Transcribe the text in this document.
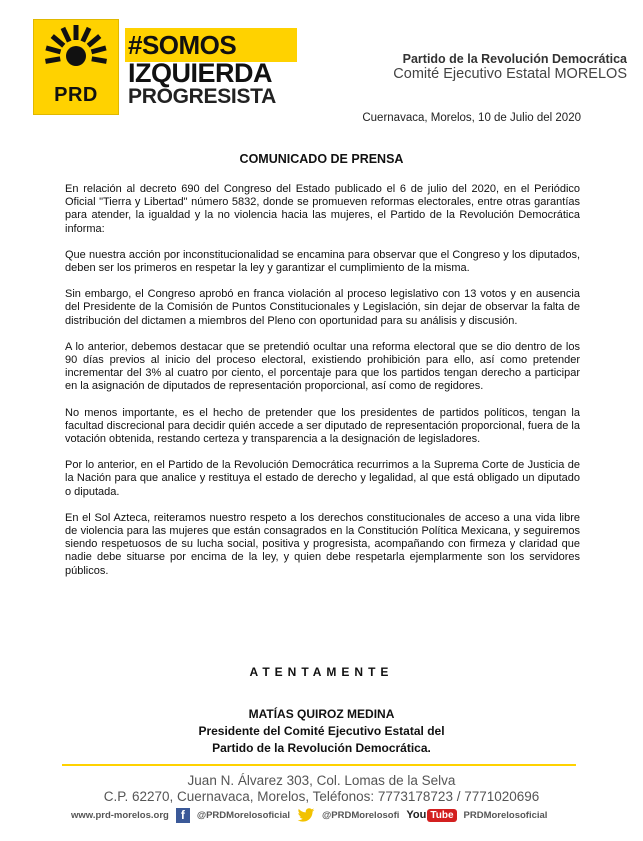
PRD
#SOMOS
IZQUIERDA
PROGRESISTA
Partido de la Revolución Democrática
Comité Ejecutivo Estatal MORELOS
Cuernavaca, Morelos, 10 de Julio del 2020
COMUNICADO DE PRENSA

En relación al decreto 690 del Congreso del Estado publicado el 6 de julio del 2020, en el Periódico Oficial "Tierra y Libertad" número 5832, donde se promueven reformas electorales, entre otras garantías para atender, la igualdad y la no violencia hacia las mujeres, el Partido de la Revolución Democrática informa:

Que nuestra acción por inconstitucionalidad se encamina para observar que el Congreso y los diputados, deben ser los primeros en respetar la ley y garantizar el cumplimiento de la misma.

Sin embargo, el Congreso aprobó en franca violación al proceso legislativo con 13 votos y en ausencia del Presidente de la Comisión de Puntos Constitucionales y Legislación, sin dejar de observar la falta de distribución del dictamen a miembros del Pleno con oportunidad para su análisis y discusión.

A lo anterior, debemos destacar que se pretendió ocultar una reforma electoral que se dio dentro de los 90 días previos al inicio del proceso electoral, existiendo prohibición para ello, así como pretender incrementar del 3% al cuatro por ciento, el porcentaje para que los partidos tengan derecho a participar en la asignación de diputados de representación proporcional, así como de regidores.

No menos importante, es el hecho de pretender que los presidentes de partidos políticos, tengan la facultad discrecional para decidir quién accede a ser diputado de representación proporcional, fuera de la votación obtenida, restando certeza y transparencia a la designación de legisladores.

Por lo anterior, en el Partido de la Revolución Democrática recurrimos a la Suprema Corte de Justicia de la Nación para que analice y restituya el estado de derecho y legalidad, al que está obligado un diputado o diputada.

En el Sol Azteca, reiteramos nuestro respeto a los derechos constitucionales de acceso a una vida libre de violencia para las mujeres que están consagrados en la Constitución Política Mexicana, y seguiremos siendo respetuosos de su lucha social, positiva y progresista, acompañando con firmeza y claridad que nadie debe situarse por encima de la ley, y quien debe respetarla ejemplarmente son los servidores públicos.

ATENTAMENTE
MATÍAS QUIROZ MEDINA
Presidente del Comité Ejecutivo Estatal del
Partido de la Revolución Democrática.
Juan N. Álvarez 303, Col. Lomas de la Selva
C.P. 62270, Cuernavaca, Morelos, Teléfonos: 7773178723 / 7771020696
www.prd-morelos.org	f	@PRDMorelosoficial	@PRDMorelosofi You Tube	PRDMorelosoficial
